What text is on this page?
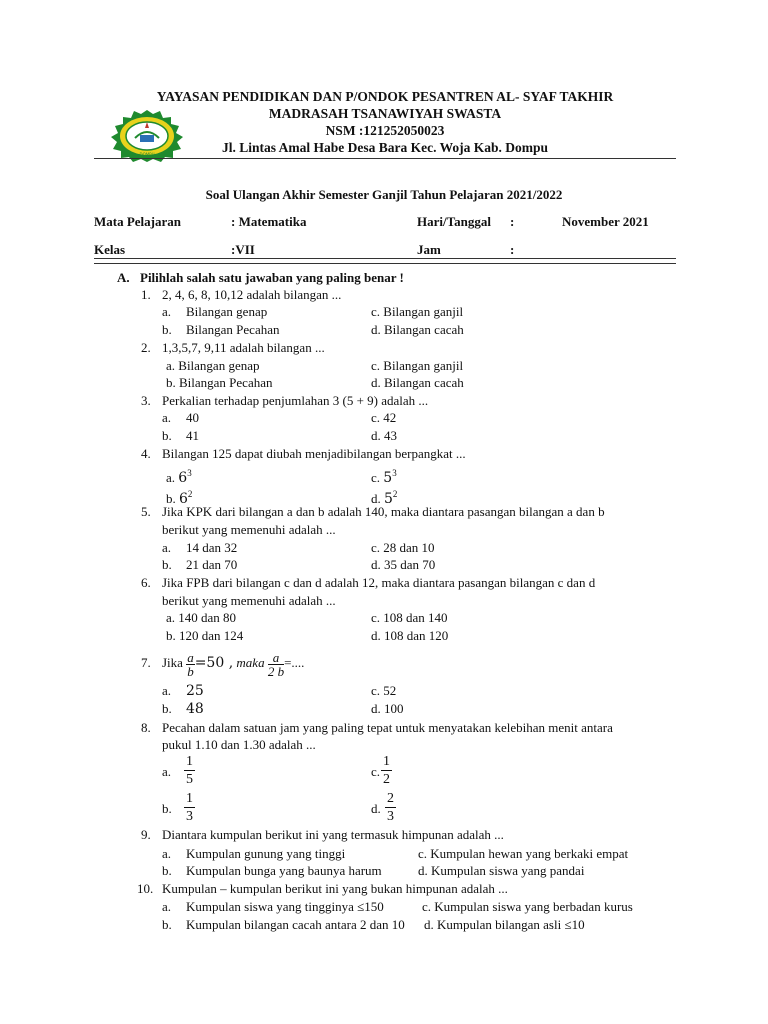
DOMPU
YAYASAN PENDIDIKAN DAN P/ONDOK PESANTREN AL- SYAF TAKHIR
MADRASAH TSANAWIYAH SWASTA
NSM :121252050023
Jl. Lintas Amal Habe Desa Bara Kec. Woja Kab. Dompu
Soal Ulangan Akhir Semester Ganjil Tahun Pelajaran 2021/2022
Mata Pelajaran	: Matematika	Hari/Tanggal :	November 2021
Kelas	:VII	Jam	:
A. Pilihlah salah satu jawaban yang paling benar !
1. 2, 4, 6, 8, 10,12 adalah bilangan ...
a. Bilangan genap	c. Bilangan ganjil
b. Bilangan Pecahan	d. Bilangan cacah
2. 1,3,5,7, 9,11 adalah bilangan ...
a. Bilangan genap	c. Bilangan ganjil
b. Bilangan Pecahan	d. Bilangan cacah
3. Perkalian terhadap penjumlahan 3 (5 + 9) adalah ...
a. 40	c. 42
b. 41	d. 43
4. Bilangan 125 dapat diubah menjadibilangan berpangkat ...
a. $6^3$	c. $5^3$
b. $6^2$	d. $5^2$
5. Jika KPK dari bilangan a dan b adalah 140, maka diantara pasangan bilangan a dan b
berikut yang memenuhi adalah ...
a. 14 dan 32	c. 28 dan 10
b. 21 dan 70	d. 35 dan 70
6. Jika FPB dari bilangan c dan d adalah 12, maka diantara pasangan bilangan c dan d
berikut yang memenuhi adalah ...
a. 140 dan 80	c. 108 dan 140
b. 120 dan 124	d. 108 dan 120
7. Jika $\frac{a}{b} =50$ , maka $\frac{a}{2 b}$ =....
a. 25	c. 52
b. 48	d. 100
8. Pecahan dalam satuan jam yang paling tepat untuk menyatakan kelebihan menit antara
pukul 1.10 dan 1.30 adalah ...
a. $\frac{1}{5}$	c. $\frac{1}{2}$
b. $\frac{1}{3}$	d. $\frac{2}{3}$
9. Diantara kumpulan berikut ini yang termasuk himpunan adalah ...
a. Kumpulan gunung yang tinggi	c. Kumpulan hewan yang berkaki empat
b. Kumpulan bunga yang baunya harum	d. Kumpulan siswa yang pandai
10. Kumpulan – kumpulan berikut ini yang bukan himpunan adalah ...
a. Kumpulan siswa yang tingginya ≤150	c. Kumpulan siswa yang berbadan kurus
b. Kumpulan bilangan cacah antara 2 dan 10 d. Kumpulan bilangan asli ≤10
